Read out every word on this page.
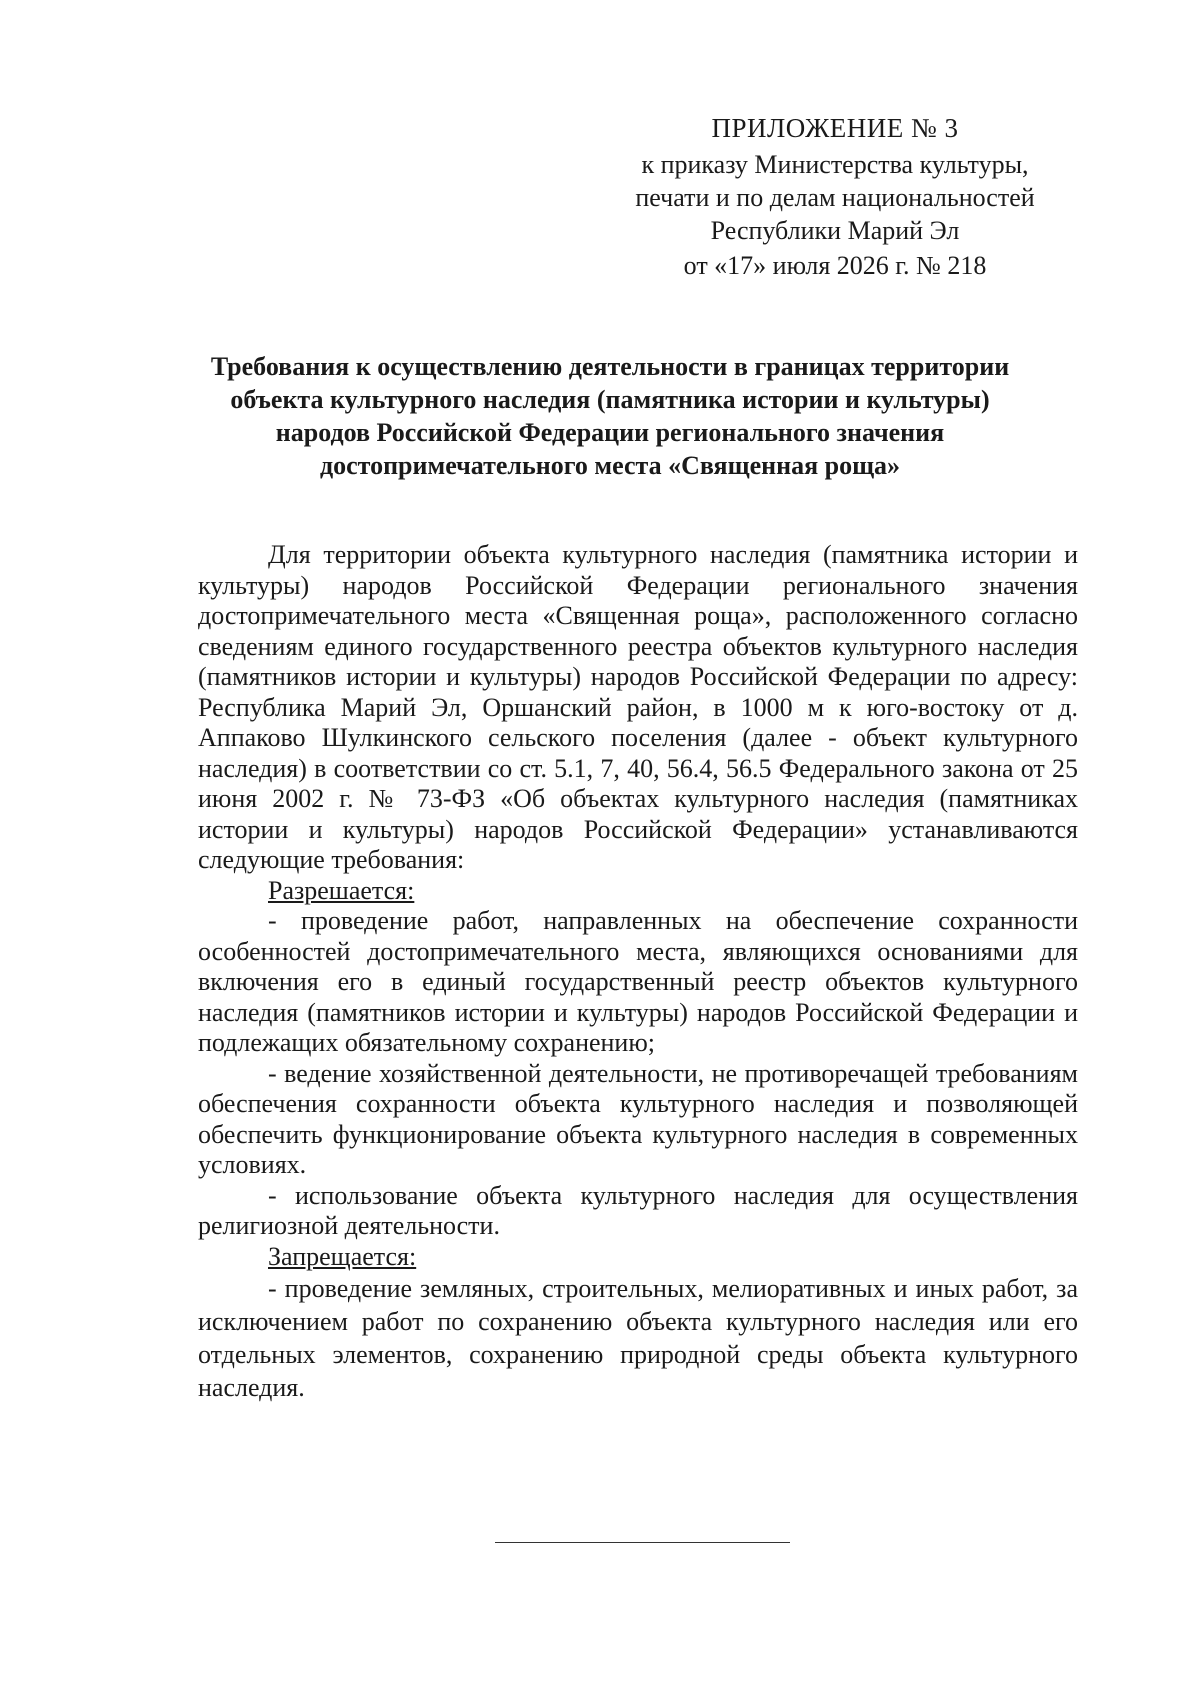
ПРИЛОЖЕНИЕ № 3
к приказу Министерства культуры,
печати и по делам национальностей
Республики Марий Эл
от «17» июля 2026 г. № 218
Требования к осуществлению деятельности в границах территории
объекта культурного наследия (памятника истории и культуры)
народов Российской Федерации регионального значения
достопримечательного места «Священная роща»

Для территории объекта культурного наследия (памятника истории и культуры) народов Российской Федерации регионального значения достопримечательного места «Священная роща», расположенного согласно сведениям единого государственного реестра объектов культурного наследия (памятников истории и культуры) народов Российской Федерации по адресу: Республика Марий Эл, Оршанский район, в 1000 м к юго-востоку от д. Аппаково Шулкинского сельского поселения (далее - объект культурного наследия) в соответствии со ст. 5.1, 7, 40, 56.4, 56.5 Федерального закона от 25 июня 2002 г. № 73-ФЗ «Об объектах культурного наследия (памятниках истории и культуры) народов Российской Федерации» устанавливаются следующие требования:

Разрешается:

- проведение работ, направленных на обеспечение сохранности особенностей достопримечательного места, являющихся основаниями для включения его в единый государственный реестр объектов культурного наследия (памятников истории и культуры) народов Российской Федерации и подлежащих обязательному сохранению;

- ведение хозяйственной деятельности, не противоречащей требованиям обеспечения сохранности объекта культурного наследия и позволяющей обеспечить функционирование объекта культурного наследия в современных условиях.

- использование объекта культурного наследия для осуществления религиозной деятельности.

Запрещается:

- проведение земляных, строительных, мелиоративных и иных работ, за исключением работ по сохранению объекта культурного наследия или его отдельных элементов, сохранению природной среды объекта культурного наследия.
